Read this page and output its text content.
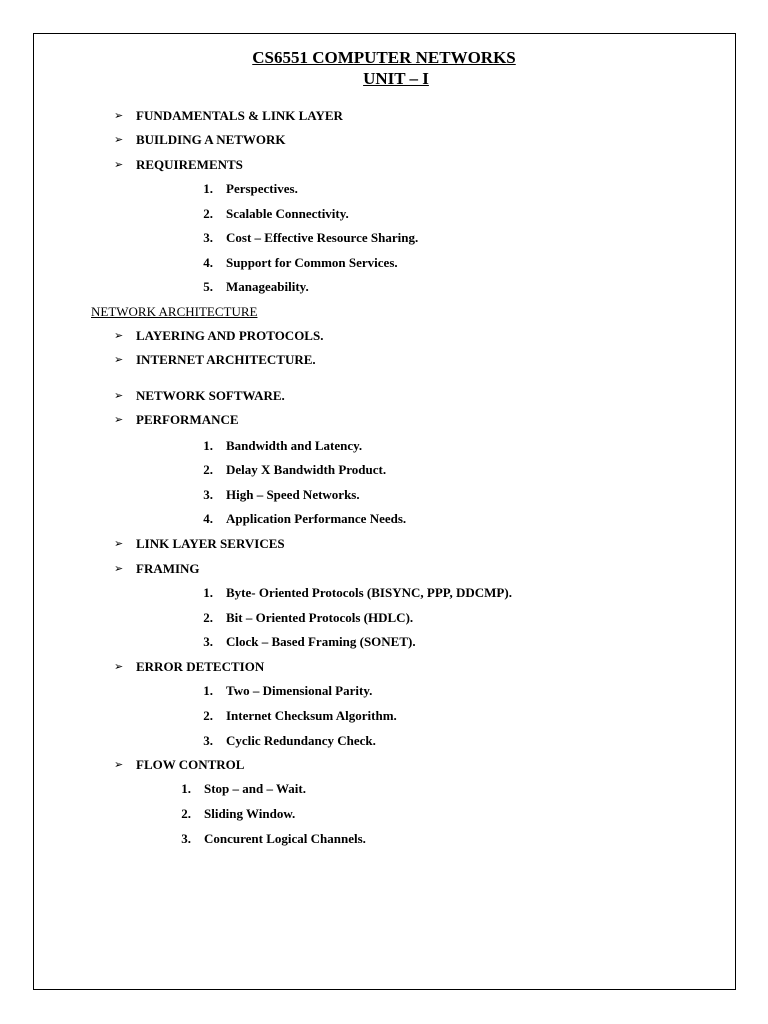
CS6551 COMPUTER NETWORKS
UNIT – I
➢ FUNDAMENTALS & LINK LAYER
➢ BUILDING A NETWORK
➢ REQUIREMENTS
1. Perspectives.
2. Scalable Connectivity.
3. Cost – Effective Resource Sharing.
4. Support for Common Services.
5. Manageability.
NETWORK ARCHITECTURE
➢ LAYERING AND PROTOCOLS.
➢ INTERNET ARCHITECTURE.
➢ NETWORK SOFTWARE.
➢ PERFORMANCE
1. Bandwidth and Latency.
2. Delay X Bandwidth Product.
3. High – Speed Networks.
4. Application Performance Needs.
➢ LINK LAYER SERVICES
➢ FRAMING
1. Byte- Oriented Protocols (BISYNC, PPP, DDCMP).
2. Bit – Oriented Protocols (HDLC).
3. Clock – Based Framing (SONET).
➢ ERROR DETECTION
1. Two – Dimensional Parity.
2. Internet Checksum Algorithm.
3. Cyclic Redundancy Check.
➢ FLOW CONTROL
1. Stop – and – Wait.
2. Sliding Window.
3. Concurent Logical Channels.
